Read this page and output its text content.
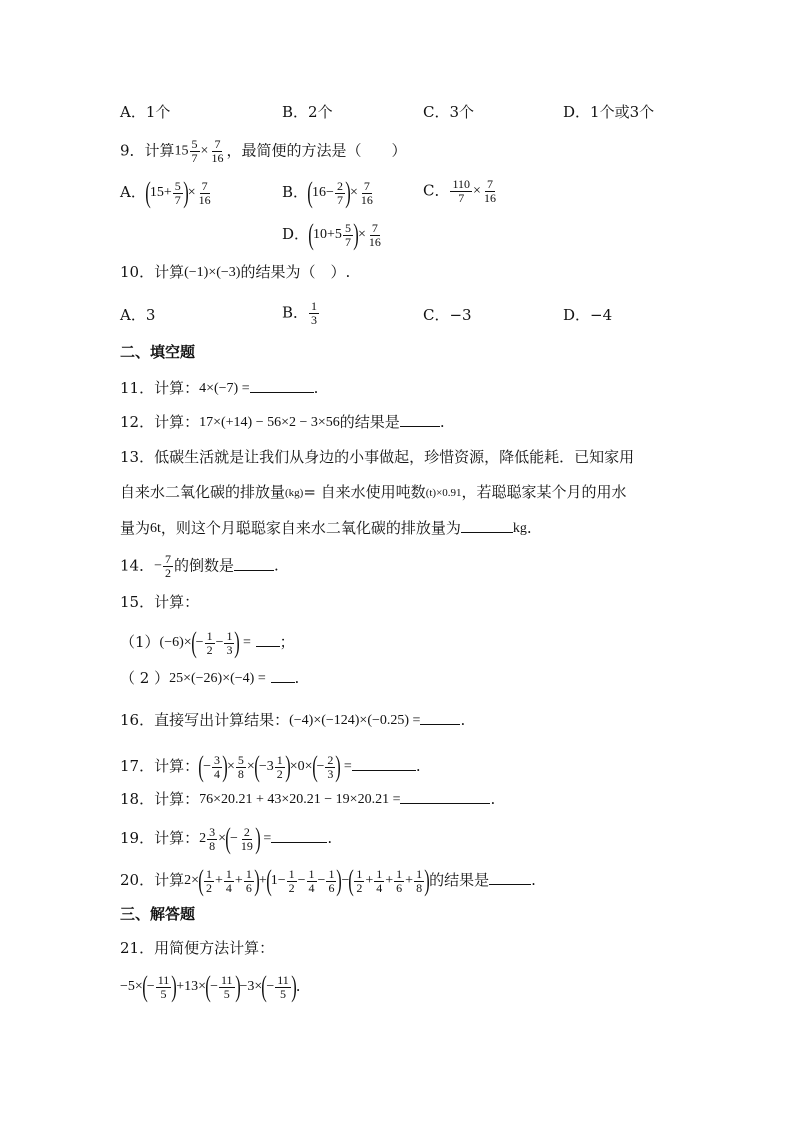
A．1个	B．2个	C．3个	D．1个或3个
9．计算$15 \frac{5}{7} \times \frac{7}{16}$ ，最简便的方法是（　　）
A．($15+ \frac{5}{7}$ )× $\frac{7}{16}$	B．($16- \frac{2}{7}$ )× $\frac{7}{16}$	C． $\frac{110}{7} \times \frac{7}{16}$
D．($10+5 \frac{5}{7}$ )× $\frac{7}{16}$
10．计算(−1)×(−3)的结果为（　）.
A．3	B． $\frac{1}{3}$	C．−3	D．−4
二、填空题
11．计算：4×(−7) =	.
12．计算：17×(+14) − 56×2 − 3×56的结果是	.
13．低碳生活就是让我们从身边的小事做起，珍惜资源，降低能耗．已知家用
自来水二氧化碳的排放量(kg)= 自来水使用吨数(t)×0.91，若聪聪家某个月的用水
量为6t，则这个月聪聪家自来水二氧化碳的排放量为	kg.
14．− $\frac{7}{2}$ 的倒数是	.
15．计算：
$(1)(-6)\times(- \frac{1}{2} - \frac{1}{3}$ ) = ；
（ 2 ）25×(−26)×(−4) = .
16．直接写出计算结果：(−4)×(−124)×(−0.25) =	.
17．计算：(− $\frac{3}{4}$ )× $\frac{5}{8} \times(-3 \frac{1}{2} )\times 0\times(- \frac{2}{3}$ ) =	.
18．计算：76×20.21 + 43×20.21 − 19×20.21 =	.
19．计算：$2 \frac{3}{8}$ ×(− $\frac{2}{19}$ ) =	.
20．计算$2\times( \frac{1}{2} + \frac{1}{4} + \frac{1}{6} )+(1- \frac{1}{2} - \frac{1}{4} - \frac{1}{6}$ )−( $\frac{1}{2} + \frac{1}{4} + \frac{1}{6} + \frac{1}{8}$ )的结果是	.
三、解答题
21．用简便方法计算：
$-5\times(- \frac{11}{5} )+13\times(- \frac{11}{5} )-3\times(- \frac{11}{5}$ ).
